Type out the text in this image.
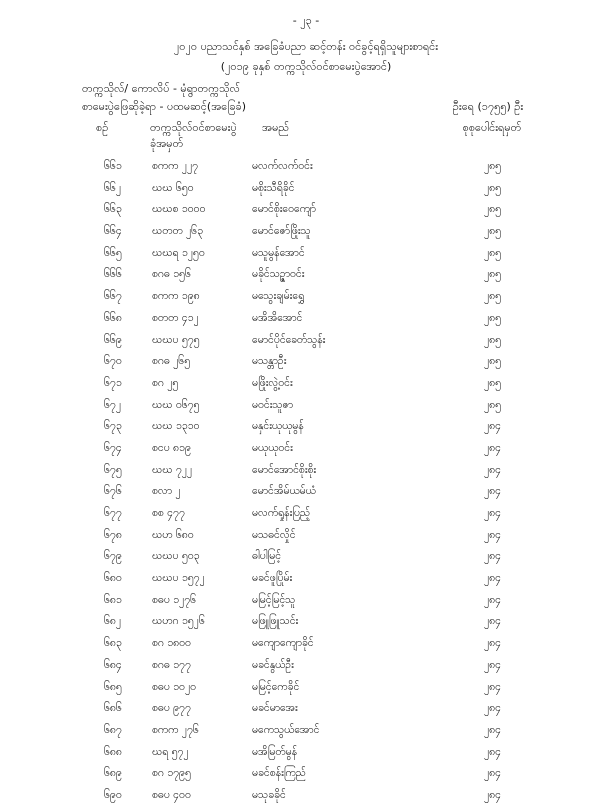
- ၂၃ -
၂၀၂၀ ပညာသင်နှစ် အခြေခံပညာ ဆင့်တန်း ဝင်ခွင့်ရရှိသူများစာရင်း
(၂၀၁၉ ခုနှစ် တက္ကသိုလ်ဝင်စာမေးပွဲအောင်)
တက္ကသိုလ်/ ကောလိပ် - မုံရွာတက္ကသိုလ်
စာမေးပွဲဖြေဆိုခဲ့ရာ - ပထမဆင့်(အခြေခံ)	ဦးရေ (၁၇၅၅) ဦး
စဉ်	တက္ကသိုလ်ဝင်စာမေးပွဲ
ခုံအမှတ်
အမည်	စုစုပေါင်းရမှတ်
၆၆၁	စကက ၂၂၇	မလက်လက်ဝင်း	၂၈၅
၆၆၂	ဃဃ ၆၅၀	မစိုးသီရိခိုင်	၂၈၅
၆၆၃	ဃဃစ ၁၀၀၀	မောင်စိုးဝေကျော်	၂၈၅
၆၆၄	ဃတတ ၂၆၃	မောင်ဇော်ဖြိုးသူ	၂၈၅
၆၆၅	ဃဃရ ၁၂၅၀	မသူမွန်အောင်	၂၈၅
၆၆၆	စဂဓ ၁၅၆	မခိုင်သဥ္ဇာဝင်း	၂၈၅
၆၆၇	စကက ၁၉၈	မသွေးချမ်းရွှေ	၂၈၅
၆၆၈	စတတ ၄၁၂	မအိအိအောင်	၂၈၅
၆၆၉	ဃဃပ ၅၇၅	မောင်ပိုင်ခေတ်သွန်း	၂၈၅
၆၇၀	စဂဓ ၂၆၅	မသန္တာဦး	၂၈၅
၆၇၁	စဂ ၂၅	မဖြိုးလွဲ့ဝင်း	၂၈၅
၆၇၂	ဃဃ ၀၆၇၅	မဝင်းသူဇာ	၂၈၅
၆၇၃	ဃဃ ၁၃၁၀	မနှင်းယုယုမွန်	၂၈၄
၆၇၄	စငပ ၈၁၉	မယုယုဝင်း	၂၈၄
၆၇၅	ဃဃ ၇၂၂	မောင်အောင်စိုးစိုး	၂၈၄
၆၇၆	စလာ ၂	မောင်အိမ်ယမ်ယံ	၂၈၄
၆၇၇	စစ ၄၇၇	မလက်ရှုန်းပြည့်	၂၈၄
၆၇၈	ဃဟ ၆၈၀	မသဓင်လှိုင်	၂၈၄
၆၇၉	ဃဃပ ၅၀၃	ဓါပါမြင့်	၂၈၄
၆၈၀	ဃဃပ ၁၅၇၂	မခင်ဖူပြိုမ်း	၂၈၄
၆၈၁	စဓပ ၁၂၇၆	မမြင့်မြင့်သူ	၂၈၄
၆၈၂	ဃဟဂ ၁၅၂၆	မဖြူဖြူသင်း	၂၈၄
၆၈၃	စဂ ၁၈၀၀	မကျောကျောခိုင်	၂၈၄
၆၈၄	စဂဓ ၁၇၇	မခင်နွယ်ဦး	၂၈၄
၆၈၅	စဓပ ၁၀၂၀	မမြင့်ကေခိုင်	၂၈၄
၆၈၆	စဓပ ၉၇၇	မခင်မာအေး	၂၈၄
၆၈၇	စကက ၂၇၆	မကေသွယ်အောင်	၂၈၄
၆၈၈	ဃရ ၅၇၂	မအိမြတ်မွန်	၂၈၄
၆၈၉	စဂ ၁၇၉၅	မခင်စန်းကြည်	၂၈၄
၆၉၀	စဓပ ၄၀၀	မသုခခိုင်	၂၈၄
